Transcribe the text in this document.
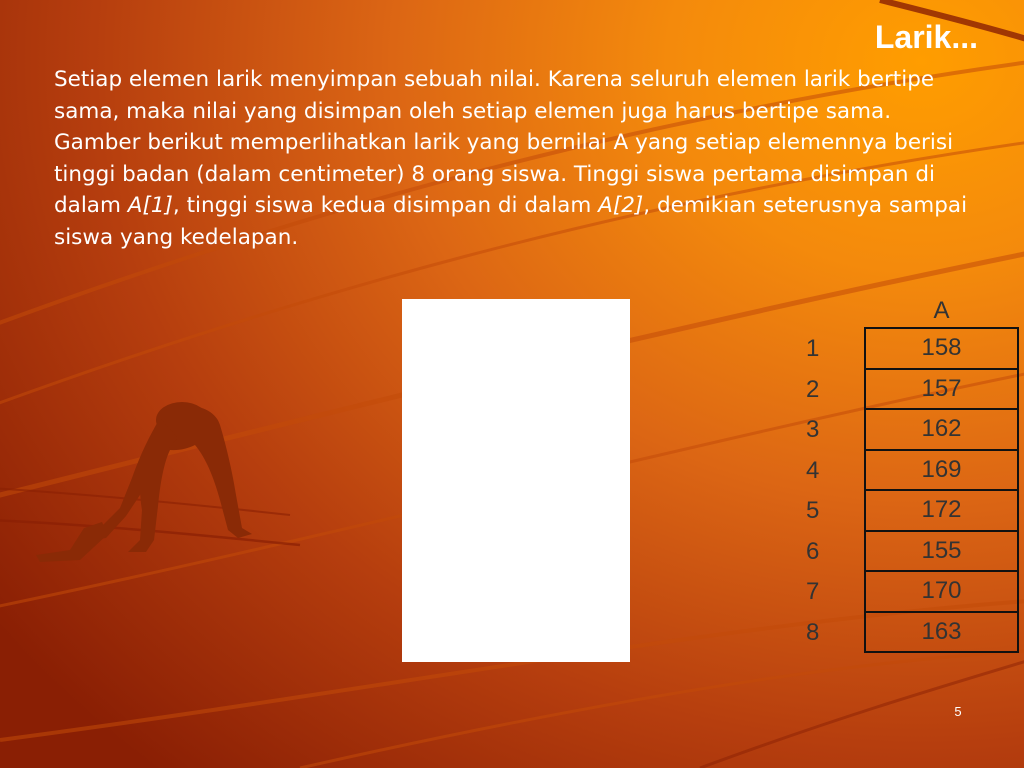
Larik...

Setiap elemen larik menyimpan sebuah nilai. Karena seluruh elemen larik bertipe sama, maka nilai yang disimpan oleh setiap elemen juga harus bertipe sama. Gamber berikut memperlihatkan larik yang bernilai A yang setiap elemennya berisi tinggi badan (dalam centimeter) 8 orang siswa. Tinggi siswa pertama disimpan di dalam A[1], tinggi siswa kedua disimpan di dalam A[2], demikian seterusnya sampai siswa yang kedelapan.

A
1	158
2	157
3	162
4	169
5	172
6	155
7	170
8	163
5
